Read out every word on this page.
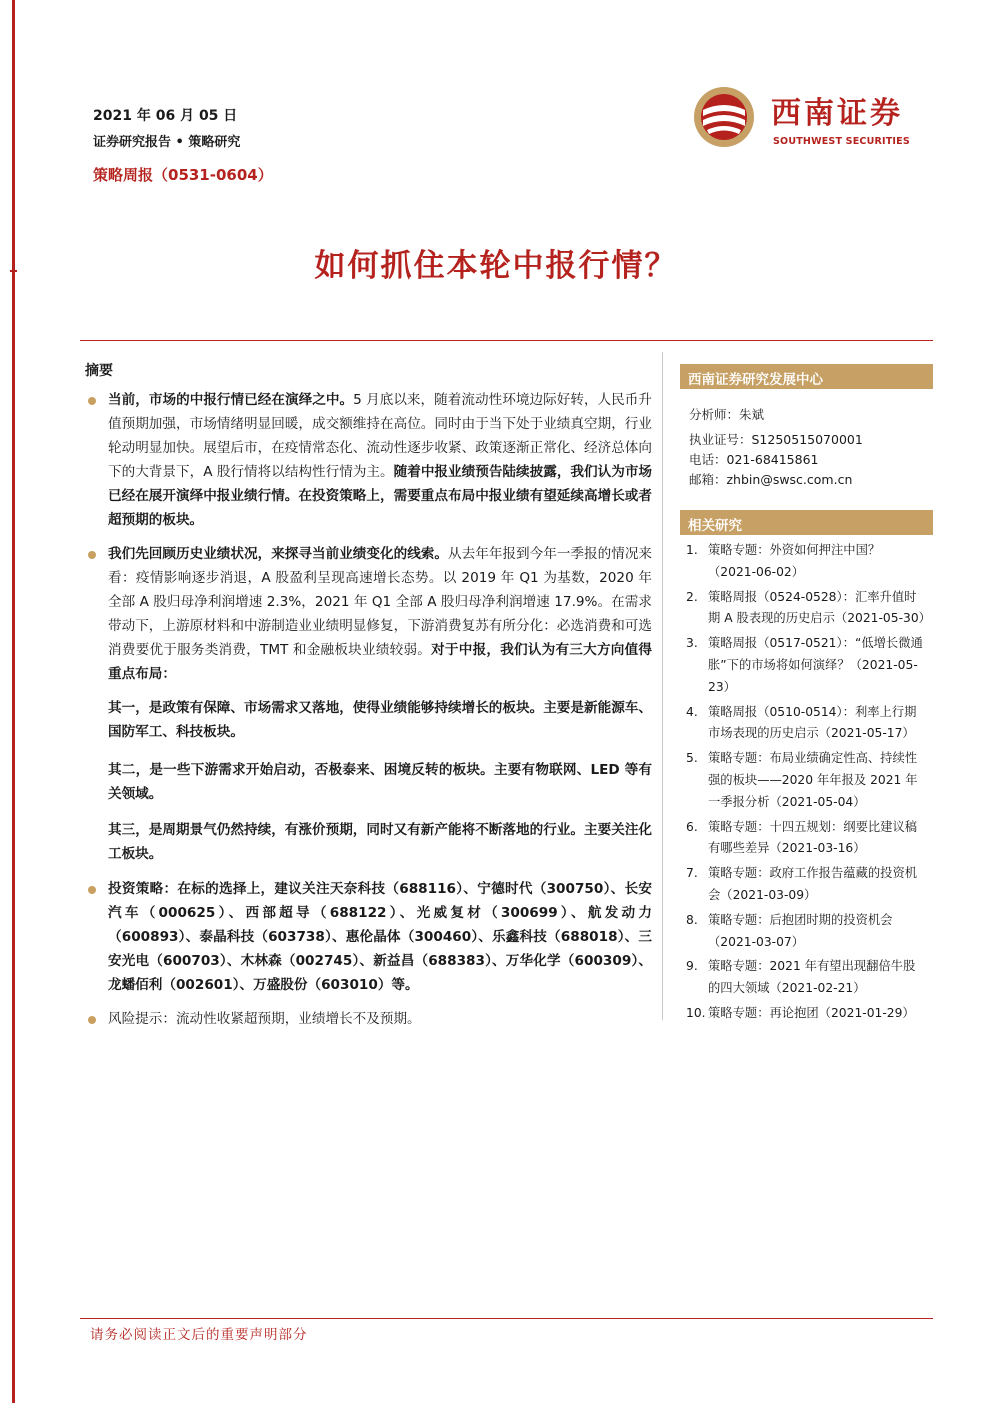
2021 年 06 月 05 日
证券研究报告 • 策略研究
策略周报（0531-0604）
西南证券
SOUTHWEST SECURITIES
如何抓住本轮中报行情？
摘要
当前，市场的中报行情已经在演绎之中。5 月底以来，随着流动性环境边际好转，人民币升值预期加强，市场情绪明显回暖，成交额维持在高位。同时由于当下处于业绩真空期，行业轮动明显加快。展望后市，在疫情常态化、流动性逐步收紧、政策逐渐正常化、经济总体向下的大背景下，A 股行情将以结构性行情为主。随着中报业绩预告陆续披露，我们认为市场已经在展开演绎中报业绩行情。在投资策略上，需要重点布局中报业绩有望延续高增长或者超预期的板块。
我们先回顾历史业绩状况，来探寻当前业绩变化的线索。从去年年报到今年一季报的情况来看：疫情影响逐步消退，A 股盈利呈现高速增长态势。以 2019 年 Q1 为基数，2020 年全部 A 股归母净利润增速 2.3%，2021 年 Q1 全部 A 股归母净利润增速 17.9%。在需求带动下，上游原材料和中游制造业业绩明显修复，下游消费复苏有所分化：必选消费和可选消费要优于服务类消费，TMT 和金融板块业绩较弱。对于中报，我们认为有三大方向值得重点布局：
其一，是政策有保障、市场需求又落地，使得业绩能够持续增长的板块。主要是新能源车、国防军工、科技板块。
其二，是一些下游需求开始启动，否极泰来、困境反转的板块。主要有物联网、LED 等有关领域。
其三，是周期景气仍然持续，有涨价预期，同时又有新产能将不断落地的行业。主要关注化工板块。
投资策略：在标的选择上，建议关注天奈科技（688116）、宁德时代（300750）、长安汽车（000625）、西部超导（688122）、光威复材（300699）、航发动力（600893）、泰晶科技（603738）、惠伦晶体（300460）、乐鑫科技（688018）、三安光电（600703）、木林森（002745）、新益昌（688383）、万华化学（600309）、龙蟠佰利（002601）、万盛股份（603010）等。
风险提示：流动性收紧超预期，业绩增长不及预期。
西南证券研究发展中心
分析师：朱斌
执业证号：S1250515070001
电话：021-68415861
邮箱：zhbin@swsc.com.cn
相关研究
1. 策略专题：外资如何押注中国？（2021-06-02）
2. 策略周报（0524-0528）：汇率升值时期 A 股表现的历史启示（2021-05-30）
3. 策略周报（0517-0521）：“低增长微通胀”下的市场将如何演绎？（2021-05-23）
4. 策略周报（0510-0514）：利率上行期市场表现的历史启示（2021-05-17）
5. 策略专题：布局业绩确定性高、持续性强的板块——2020 年年报及 2021 年一季报分析（2021-05-04）
6. 策略专题：十四五规划：纲要比建议稿有哪些差异（2021-03-16）
7. 策略专题：政府工作报告蕴藏的投资机会（2021-03-09）
8. 策略专题：后抱团时期的投资机会（2021-03-07）
9. 策略专题：2021 年有望出现翻倍牛股的四大领域（2021-02-21）
10. 策略专题：再论抱团（2021-01-29）
请务必阅读正文后的重要声明部分
